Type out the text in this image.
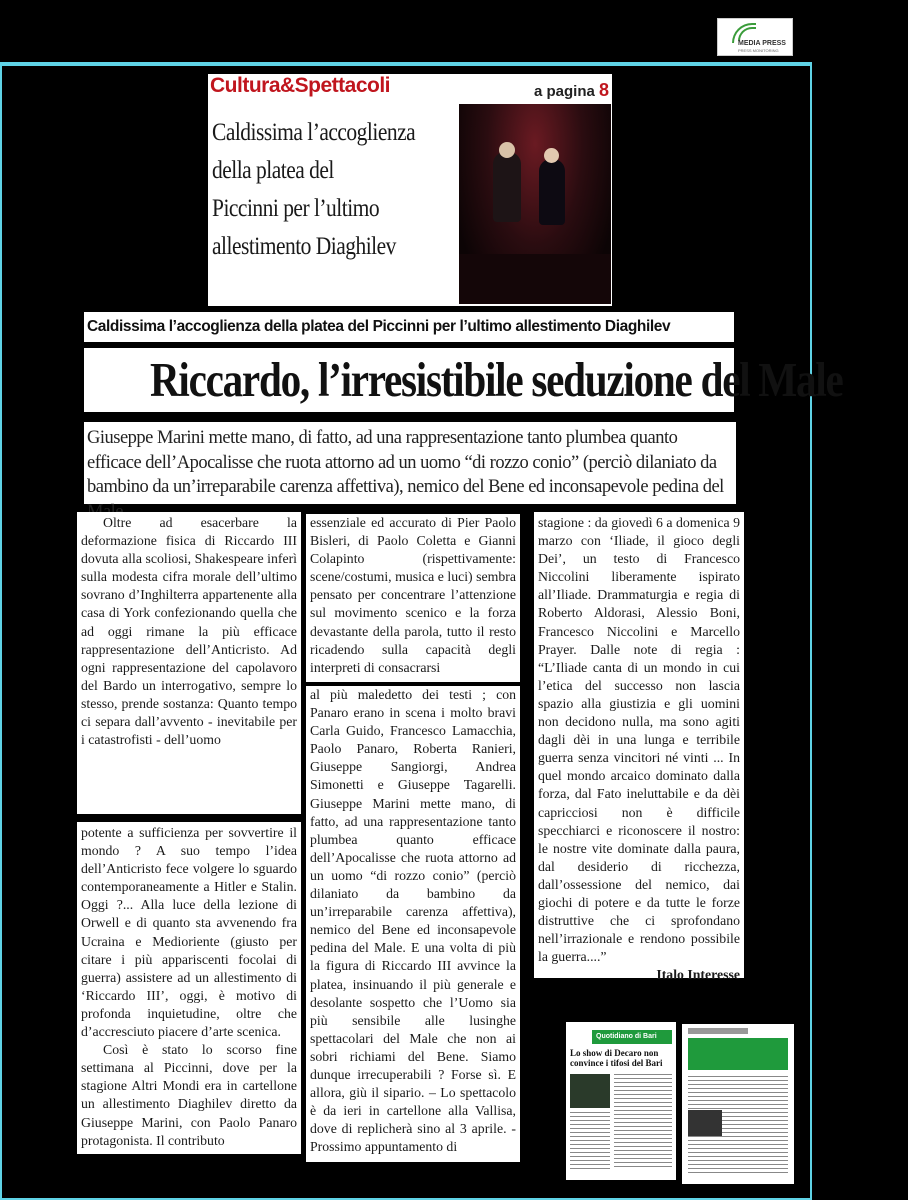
MEDIA PRESS
PRESS MONITORING
Cultura&Spettacoli	a pagina 8
Caldissima l’accoglienza
della platea del
Piccinni per l’ultimo
allestimento Diaghilev
Caldissima l’accoglienza della platea del Piccinni per l’ultimo allestimento Diaghilev
Riccardo, l’irresistibile seduzione del Male
Giuseppe Marini mette mano, di fatto, ad una rappresentazione tanto plumbea quanto efficace dell’Apocalisse che ruota attorno ad un uomo “di rozzo conio” (perciò dilaniato da bambino da un’irreparabile carenza affettiva), nemico del Bene ed inconsapevole pedina del

Oltre ad esacerbare la deformazione fisica di Riccardo III dovuta alla scoliosi, Shakespeare inferì sulla modesta cifra morale dell’ultimo sovrano d’Inghilterra appartenente alla casa di York confezionando quella che ad oggi rimane la più efficace rappresentazione dell’Anticristo. Ad ogni rappresentazione del capolavoro del Bardo un interrogativo, sempre lo stesso, prende sostanza: Quanto tempo ci separa dall’avvento - inevitabile per i catastrofisti - dell’uomo

potente a sufficienza per sovvertire il mondo ? A suo tempo l’idea dell’Anticristo fece volgere lo sguardo contemporaneamente a Hitler e Stalin. Oggi ?... Alla luce della lezione di Orwell e di quanto sta avvenendo fra Ucraina e Medioriente (giusto per citare i più appariscenti focolai di guerra) assistere ad un allestimento di ‘Riccardo III’, oggi, è motivo di profonda inquietudine, oltre che d’accresciuto piacere d’arte scenica.

Così è stato lo scorso fine settimana al Piccinni, dove per la stagione Altri Mondi era in cartellone un allestimento Diaghilev diretto da Giuseppe Marini, con Paolo Panaro protagonista. Il contributo

essenziale ed accurato di Pier Paolo Bisleri, di Paolo Coletta e Gianni Colapinto (rispettivamente: scene/costumi, musica e luci) sembra pensato per concentrare l’attenzione sul movimento scenico e la forza devastante della parola, tutto il resto ricadendo sulla capacità degli interpreti di consacrarsi

al più maledetto dei testi ; con Panaro erano in scena i molto bravi Carla Guido, Francesco Lamacchia, Paolo Panaro, Roberta Ranieri, Giuseppe Sangiorgi, Andrea Simonetti e Giuseppe Tagarelli. Giuseppe Marini mette mano, di fatto, ad una rappresentazione tanto plumbea quanto efficace dell’Apocalisse che ruota attorno ad un uomo “di rozzo conio” (perciò dilaniato da bambino da un’irreparabile carenza affettiva), nemico del Bene ed inconsapevole pedina del Male. E una volta di più la figura di Riccardo III avvince la platea, insinuando il più generale e desolante sospetto che l’Uomo sia più sensibile alle lusinghe spettacolari del Male che non ai sobri richiami del Bene. Siamo dunque irrecuperabili ? Forse sì. E allora, giù il sipario. – Lo spettacolo è da ieri in cartellone alla Vallisa, dove di replicherà sino al 3 aprile. - Prossimo appuntamento di

stagione : da giovedì 6 a domenica 9 marzo con ‘Iliade, il gioco degli Dei’, un testo di Francesco Niccolini liberamente ispirato all’Iliade. Drammaturgia e regia di Roberto Aldorasi, Alessio Boni, Francesco Niccolini e Marcello Prayer. Dalle note di regia : “L’Iliade canta di un mondo in cui l’etica del successo non lascia spazio alla giustizia e gli uomini non decidono nulla, ma sono agiti dagli dèi in una lunga e terribile guerra senza vincitori né vinti ... In quel mondo arcaico dominato dalla forza, dal Fato ineluttabile e da dèi capricciosi non è difficile specchiarci e riconoscere il nostro: le nostre vite dominate dalla paura, dal desiderio di ricchezza, dall’ossessione del nemico, dai giochi di potere e da tutte le forze distruttive che ci sprofondano nell’irrazionale e rendono possibile la guerra....”

Italo Interesse

Quotidiano di Bari
Lo show di Decaro non convince i tifosi del Bari
